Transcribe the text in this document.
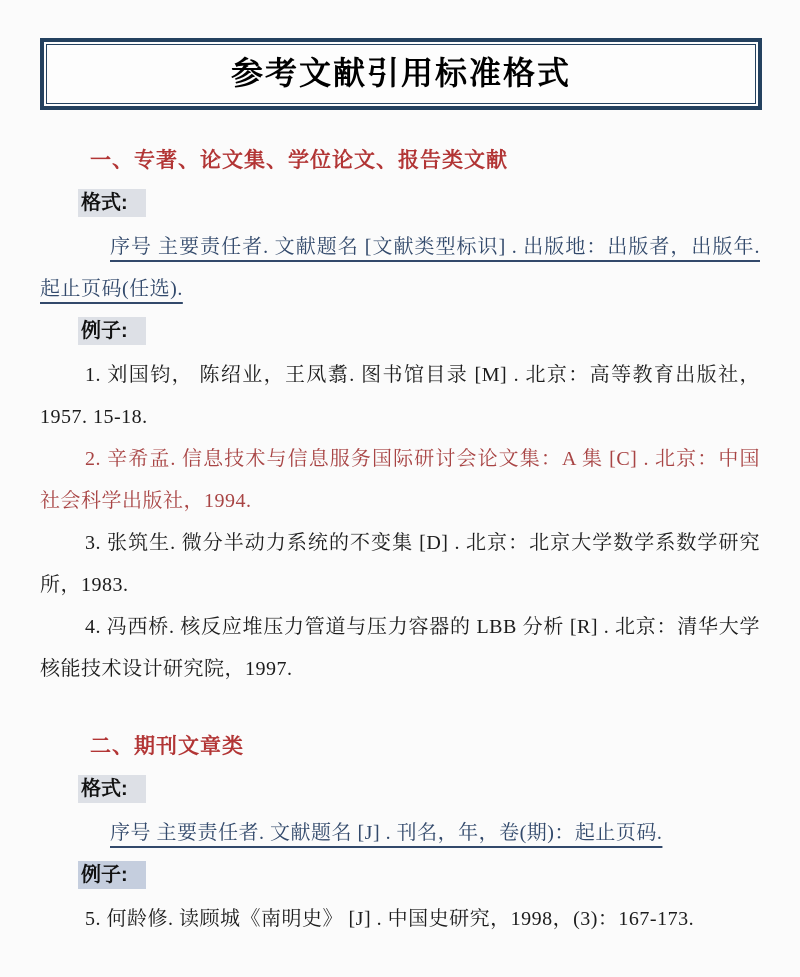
参考文献引用标准格式
一、专著、论文集、学位论文、报告类文献

格式:

序号 主要责任者. 文献题名 [文献类型标识] . 出版地：出版者，出版年. 起止页码(任选).

例子:

1. 刘国钧， 陈绍业，王凤翥. 图书馆目录 [M] . 北京：高等教育出版社，1957. 15-18.

2. 辛希孟. 信息技术与信息服务国际研讨会论文集：A 集 [C] . 北京：中国社会科学出版社，1994.

3. 张筑生. 微分半动力系统的不变集 [D] . 北京：北京大学数学系数学研究所，1983.

4. 冯西桥. 核反应堆压力管道与压力容器的 LBB 分析 [R] . 北京：清华大学核能技术设计研究院，1997.

二、期刊文章类

格式:

序号 主要责任者. 文献题名 [J] . 刊名，年，卷(期)：起止页码.

例子:

5. 何龄修. 读顾城《南明史》 [J] . 中国史研究，1998，(3)：167-173.
